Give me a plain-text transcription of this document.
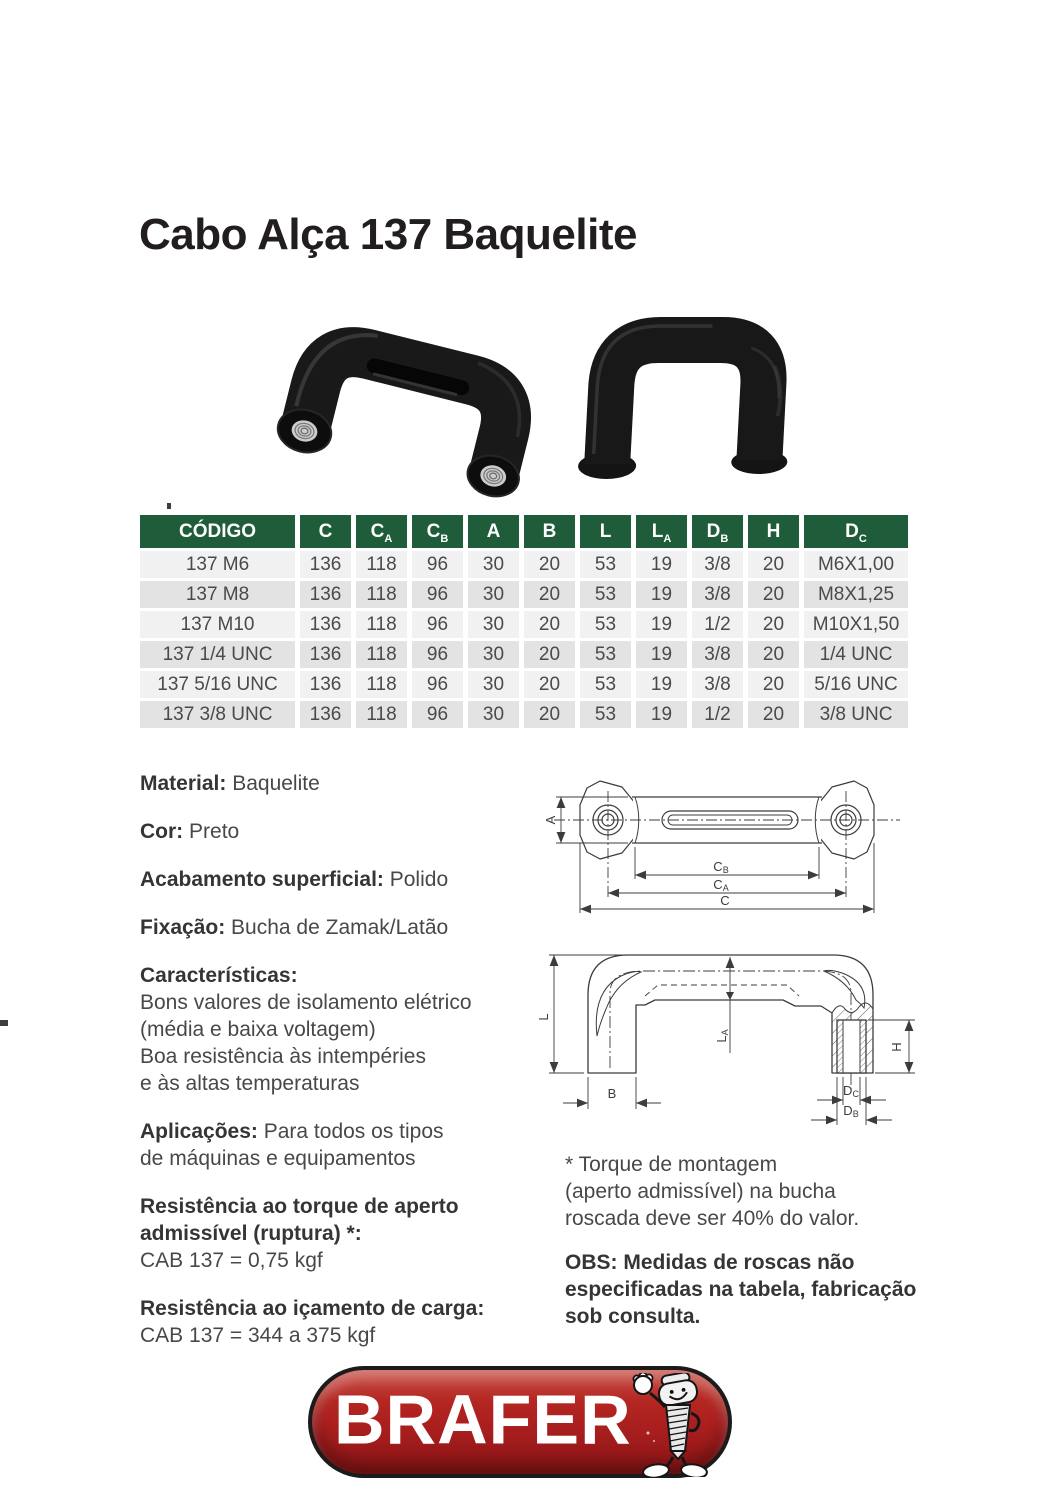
Cabo Alça 137 Baquelite
CÓDIGO	C	$C_A$	$C_B$	A	B	L	$L_A$	$D_B$	H	$D_C$
137 M6	136	118	96	30	20	53	19	3/8	20	M6X1,00
137 M8	136	118	96	30	20	53	19	3/8	20	M8X1,25
137 M10	136	118	96	30	20	53	19	1/2	20	M10X1,50
137 1/4 UNC	136	118	96	30	20	53	19	3/8	20	1/4 UNC
137 5/16 UNC	136	118	96	30	20	53	19	3/8	20	5/16 UNC
137 3/8 UNC	136	118	96	30	20	53	19	1/2	20	3/8 UNC

Material: Baquelite

Cor: Preto

Acabamento superficial: Polido

Fixação: Bucha de Zamak/Latão

Características:
Bons valores de isolamento elétrico
(média e baixa voltagem)
Boa resistência às intempéries
e às altas temperaturas

Aplicações: Para todos os tipos
de máquinas e equipamentos

Resistência ao torque de aperto
admissível (ruptura) *:
CAB 137 = 0,75 kgf

Resistência ao içamento de carga:
CAB 137 = 344 a 375 kgf

A
CB
CA
C
L
LA
B
H
DC
DB

* Torque de montagem
(aperto admissível) na bucha
roscada deve ser 40% do valor.

OBS: Medidas de roscas não
especificadas na tabela, fabricação
sob consulta.

BRAFER
